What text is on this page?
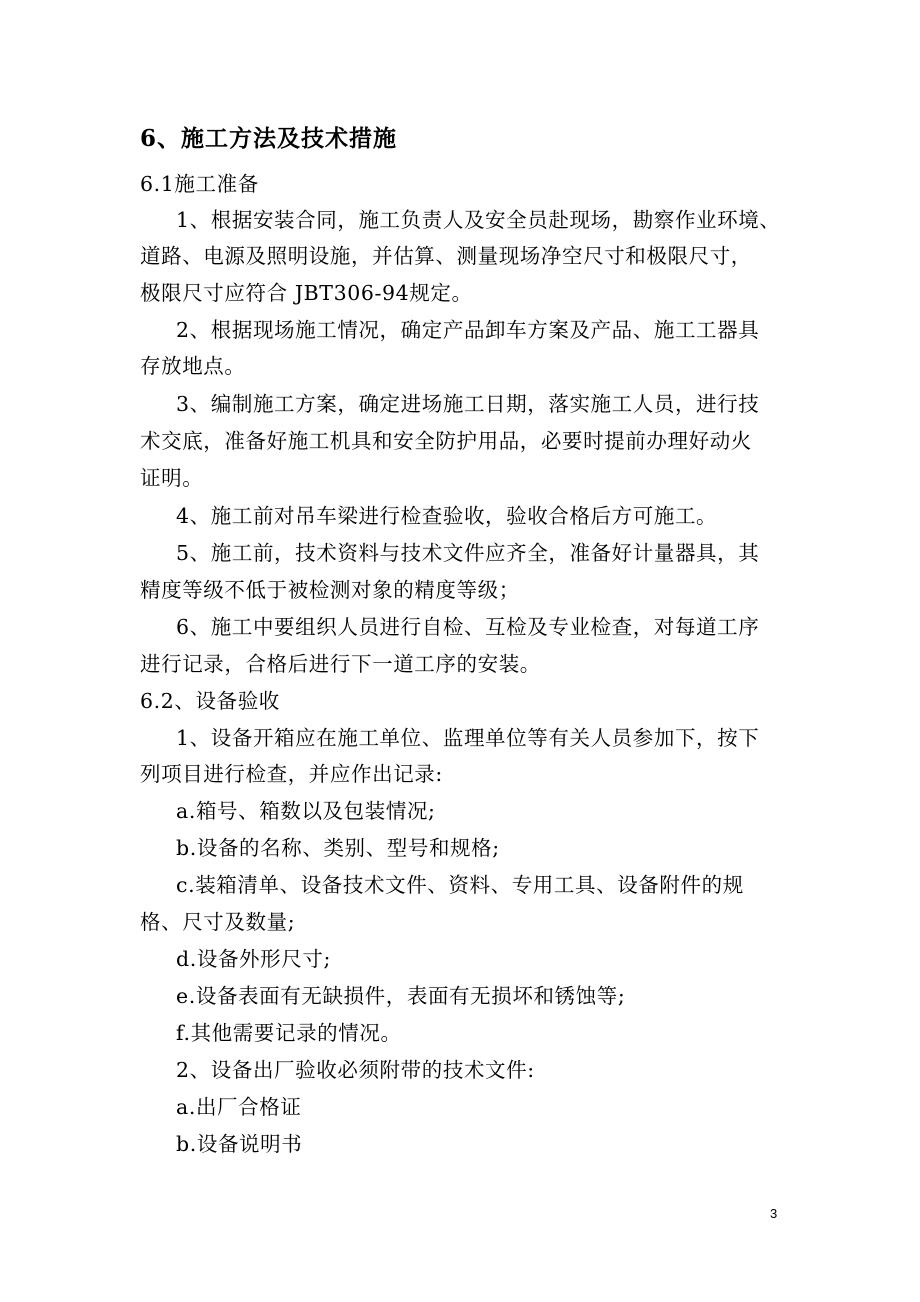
6、施工方法及技术措施
6.1施工准备
1、根据安装合同，施工负责人及安全员赴现场，勘察作业环境、
道路、电源及照明设施，并估算、测量现场净空尺寸和极限尺寸，
极限尺寸应符合 JBT306-94规定。
2、根据现场施工情况，确定产品卸车方案及产品、施工工器具
存放地点。
3、编制施工方案，确定进场施工日期，落实施工人员，进行技
术交底，准备好施工机具和安全防护用品，必要时提前办理好动火
证明。
4、施工前对吊车梁进行检查验收，验收合格后方可施工。
5、施工前，技术资料与技术文件应齐全，准备好计量器具，其
精度等级不低于被检测对象的精度等级；
6、施工中要组织人员进行自检、互检及专业检查，对每道工序
进行记录，合格后进行下一道工序的安装。
6.2、设备验收
1、设备开箱应在施工单位、监理单位等有关人员参加下，按下
列项目进行检查，并应作出记录:
a.箱号、箱数以及包装情况;
b.设备的名称、类别、型号和规格;
c.装箱清单、设备技术文件、资料、专用工具、设备附件的规
格、尺寸及数量;
d.设备外形尺寸;
e.设备表面有无缺损件，表面有无损坏和锈蚀等;
f.其他需要记录的情况。
2、设备出厂验收必须附带的技术文件:
a.出厂合格证
b.设备说明书
3
